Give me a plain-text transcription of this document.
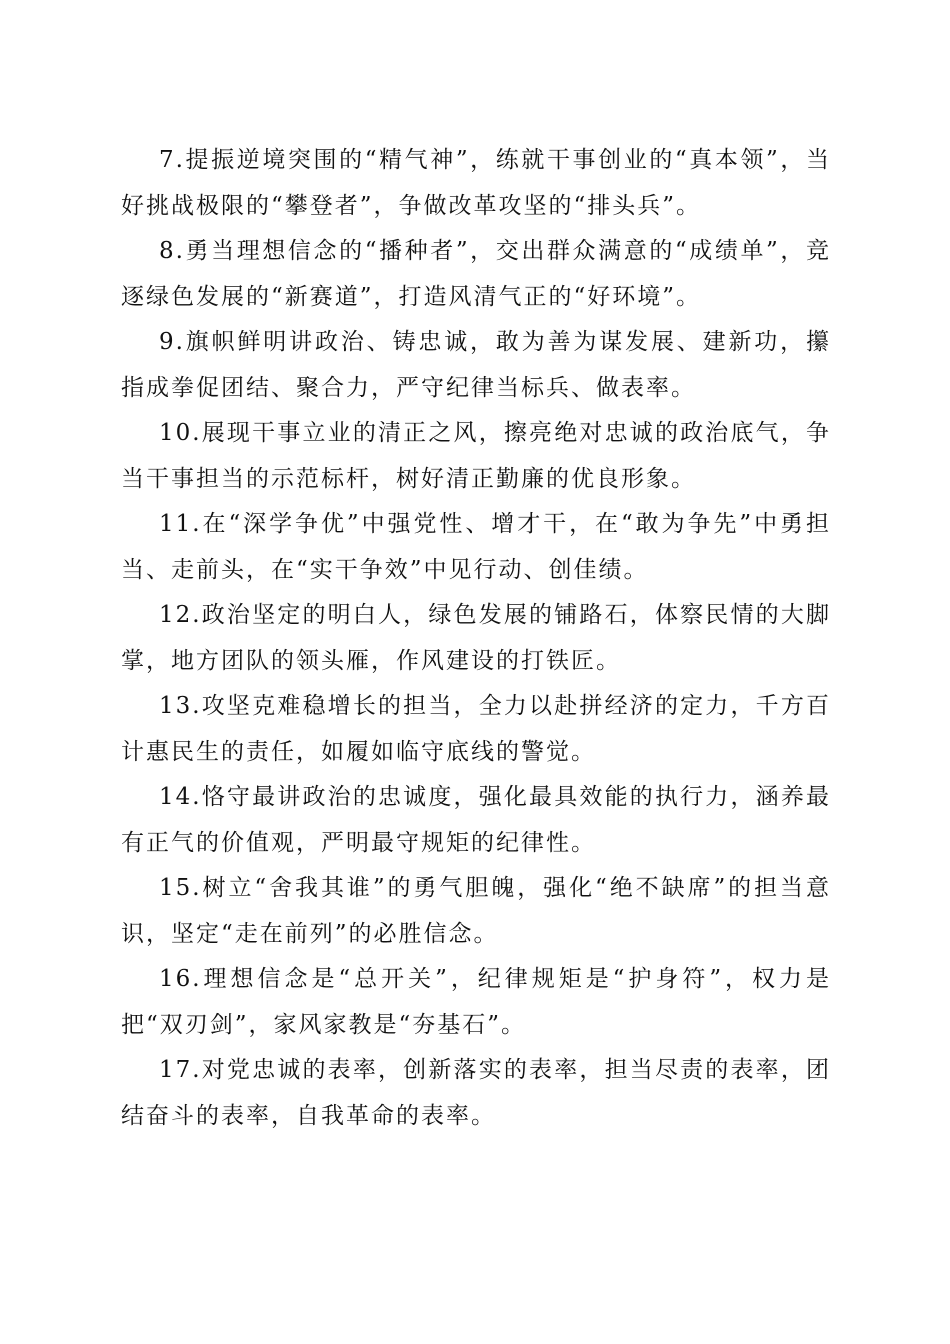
7.提振逆境突围的“精气神”，练就干事创业的“真本领”，当好挑战极限的“攀登者”，争做改革攻坚的“排头兵”。

8.勇当理想信念的“播种者”，交出群众满意的“成绩单”，竞逐绿色发展的“新赛道”，打造风清气正的“好环境”。

9.旗帜鲜明讲政治、铸忠诚，敢为善为谋发展、建新功，攥指成拳促团结、聚合力，严守纪律当标兵、做表率。

10.展现干事立业的清正之风，擦亮绝对忠诚的政治底气，争当干事担当的示范标杆，树好清正勤廉的优良形象。

11.在“深学争优”中强党性、增才干，在“敢为争先”中勇担当、走前头，在“实干争效”中见行动、创佳绩。

12.政治坚定的明白人，绿色发展的铺路石，体察民情的大脚掌，地方团队的领头雁，作风建设的打铁匠。

13.攻坚克难稳增长的担当，全力以赴拼经济的定力，千方百计惠民生的责任，如履如临守底线的警觉。

14.恪守最讲政治的忠诚度，强化最具效能的执行力，涵养最有正气的价值观，严明最守规矩的纪律性。

15.树立“舍我其谁”的勇气胆魄，强化“绝不缺席”的担当意识，坚定“走在前列”的必胜信念。

16.理想信念是“总开关”，纪律规矩是“护身符”，权力是把“双刃剑”，家风家教是“夯基石”。

17.对党忠诚的表率，创新落实的表率，担当尽责的表率，团结奋斗的表率，自我革命的表率。
